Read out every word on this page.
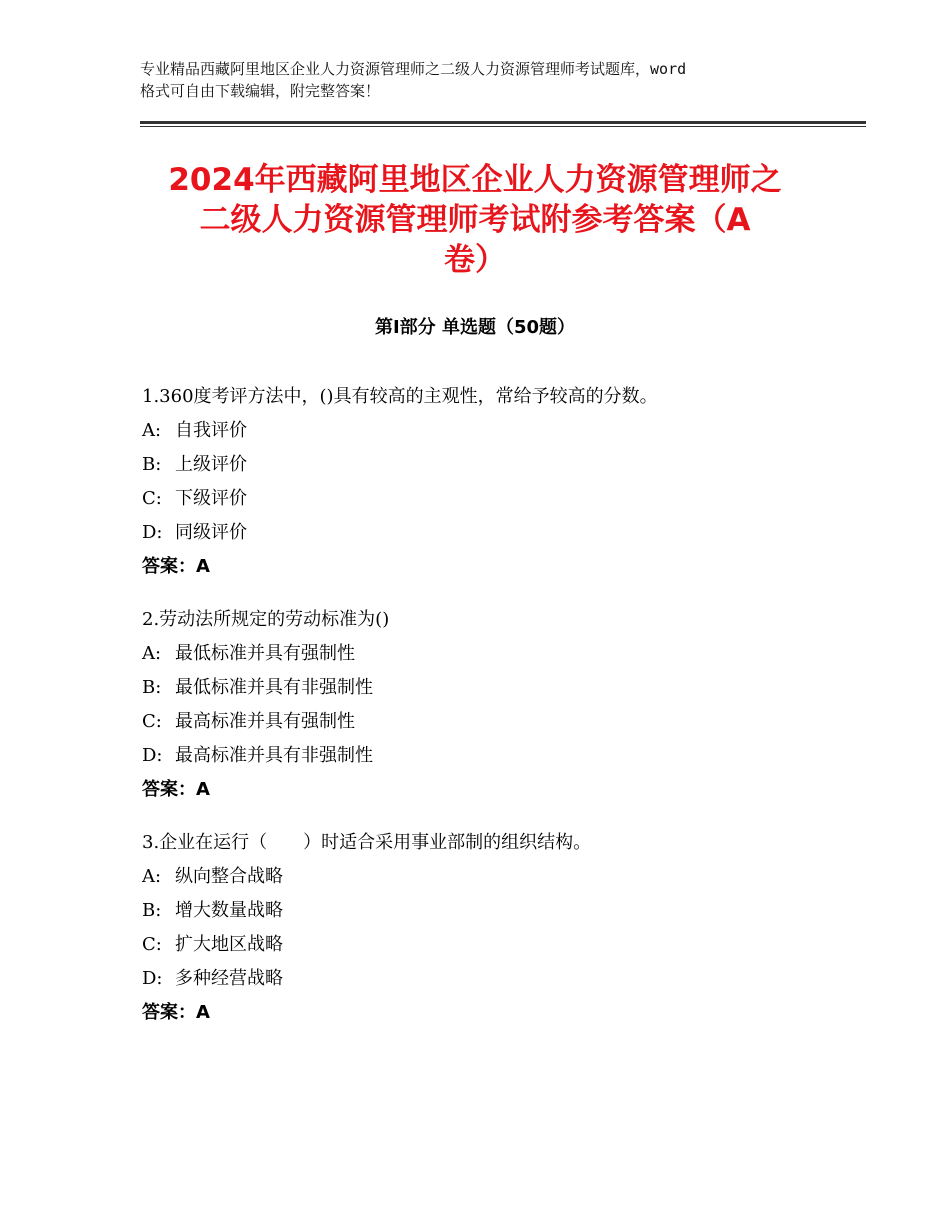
专业精品西藏阿里地区企业人力资源管理师之二级人力资源管理师考试题库，word
格式可自由下载编辑，附完整答案！
2024年西藏阿里地区企业人力资源管理师之
二级人力资源管理师考试附参考答案（A
卷）
第Ⅰ部分 单选题（50题）
1.360度考评方法中，()具有较高的主观性，常给予较高的分数。
A: 自我评价
B: 上级评价
C: 下级评价
D: 同级评价
答案：A
2.劳动法所规定的劳动标准为()
A: 最低标准并具有强制性
B: 最低标准并具有非强制性
C: 最高标准并具有强制性
D: 最高标准并具有非强制性
答案：A
3.企业在运行（　　）时适合采用事业部制的组织结构。
A: 纵向整合战略
B: 增大数量战略
C: 扩大地区战略
D: 多种经营战略
答案：A
